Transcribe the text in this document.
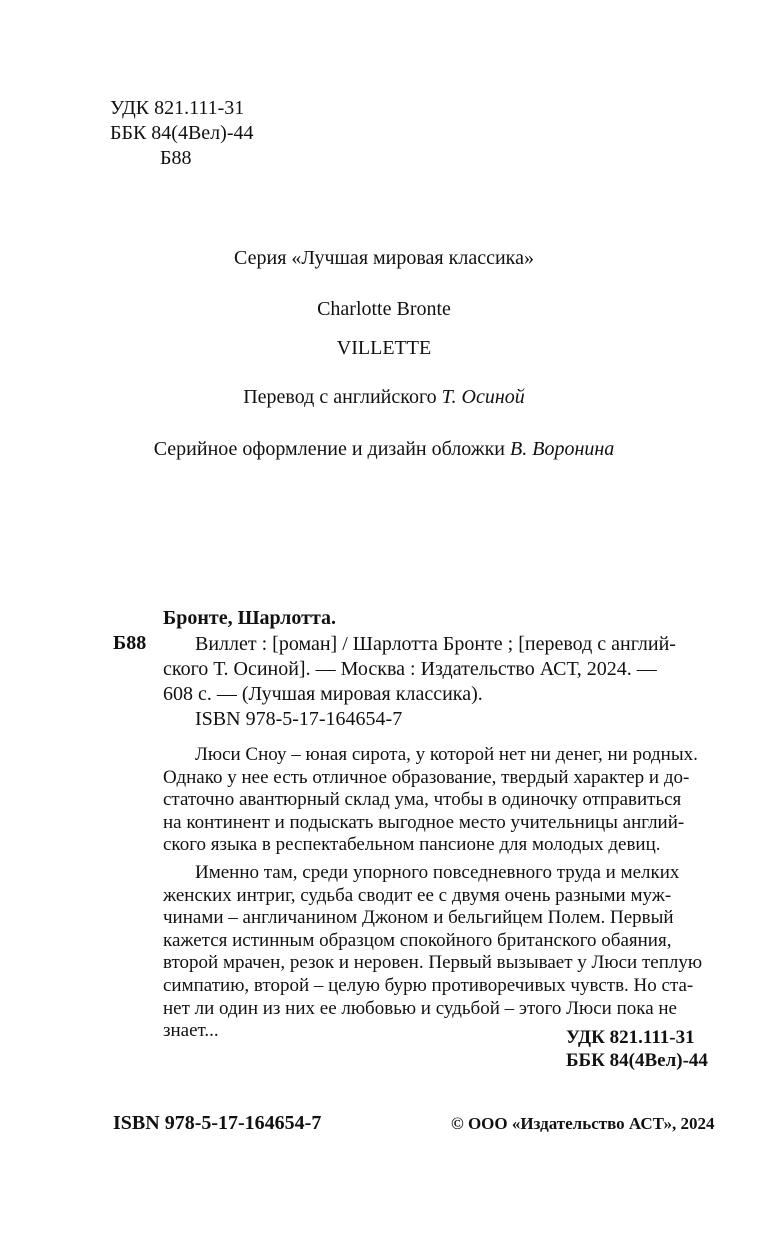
УДК 821.111-31
ББК 84(4Вел)-44
Б88
Серия «Лучшая мировая классика»
Charlotte Bronte
VILLETTE
Перевод с английского Т. Осиной
Серийное оформление и дизайн обложки В. Воронина
Бронте, Шарлотта.
Б88	Виллет : [роман] / Шарлотта Бронте ; [перевод с англий-
ского Т. Осиной]. — Москва : Издательство АСТ, 2024. —
608 с. — (Лучшая мировая классика).
ISBN 978-5-17-164654-7
Люси Сноу – юная сирота, у которой нет ни денег, ни родных.
Однако у нее есть отличное образование, твердый характер и до-
статочно авантюрный склад ума, чтобы в одиночку отправиться
на континент и подыскать выгодное место учительницы англий-
ского языка в респектабельном пансионе для молодых девиц.
Именно там, среди упорного повседневного труда и мелких
женских интриг, судьба сводит ее с двумя очень разными муж-
чинами – англичанином Джоном и бельгийцем Полем. Первый
кажется истинным образцом спокойного британского обаяния,
второй мрачен, резок и неровен. Первый вызывает у Люси теплую
симпатию, второй – целую бурю противоречивых чувств. Но ста-
нет ли один из них ее любовью и судьбой – этого Люси пока не
знает...	УДК 821.111-31
ББК 84(4Вел)-44
ISBN 978-5-17-164654-7	© ООО «Издательство АСТ», 2024
